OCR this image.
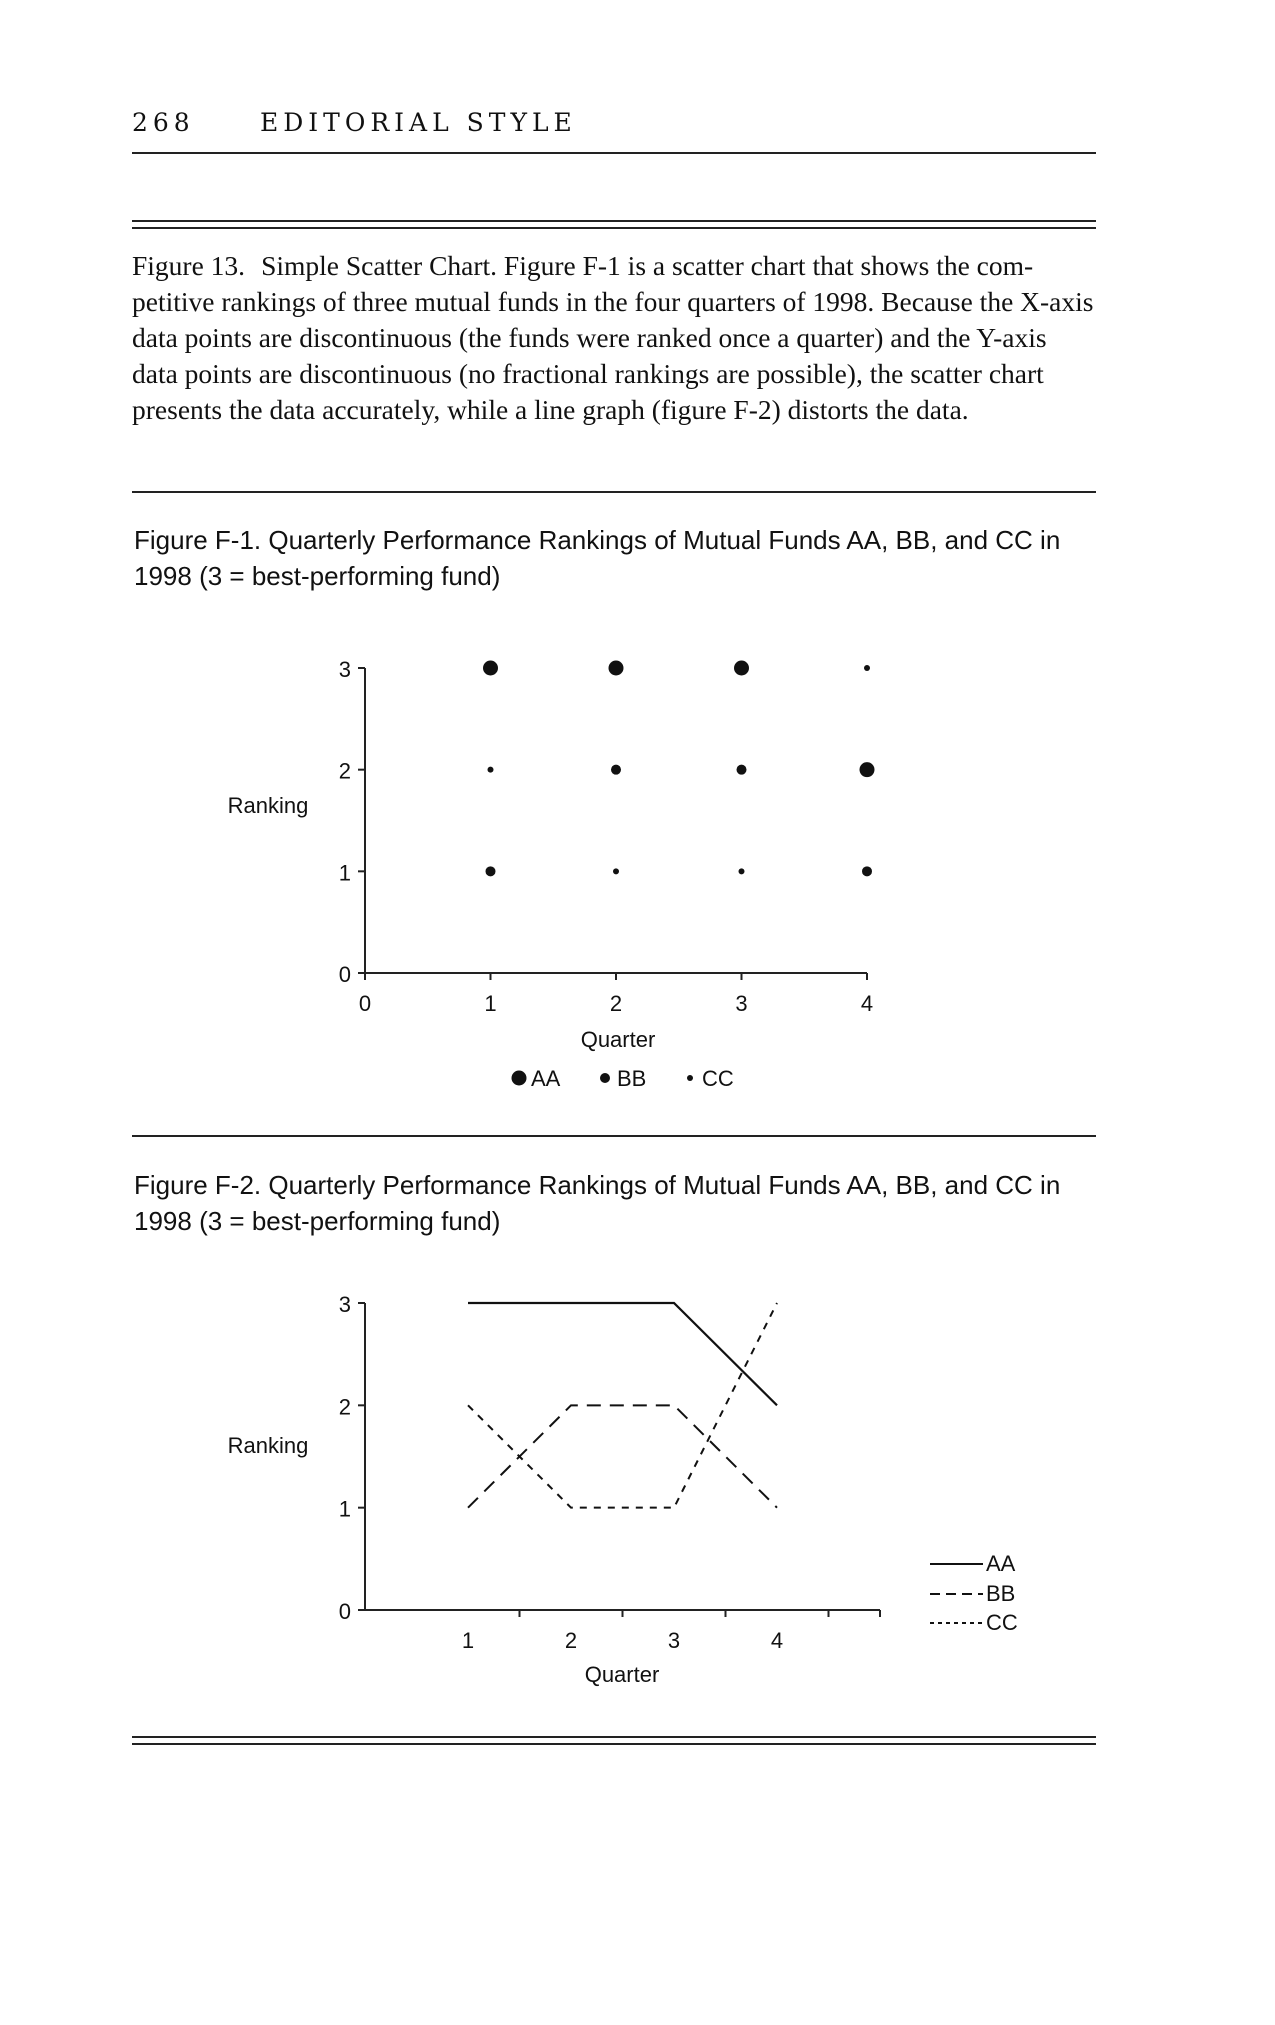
268	EDITORIAL STYLE
Figure 13. Simple Scatter Chart. Figure F-1 is a scatter chart that shows the competitive rankings of three mutual funds in the four quarters of 1998. Because the X-axis data points are discontinuous (the funds were ranked once a quarter) and the Y-axis data points are discontinuous (no fractional rankings are possible), the scatter chart presents the data accurately, while a line graph (figure F-2) distorts the data.
Figure F-1. Quarterly Performance Rankings of Mutual Funds AA, BB, and CC in 1998 (3 = best-performing fund)
0
1
2
3
0	1	2	3	4
Quarter
Ranking
AA	BB	CC
Figure F-2. Quarterly Performance Rankings of Mutual Funds AA, BB, and CC in 1998 (3 = best-performing fund)
0
1
2
3
1	2	3	4
Quarter
Ranking
AA
BB
CC
